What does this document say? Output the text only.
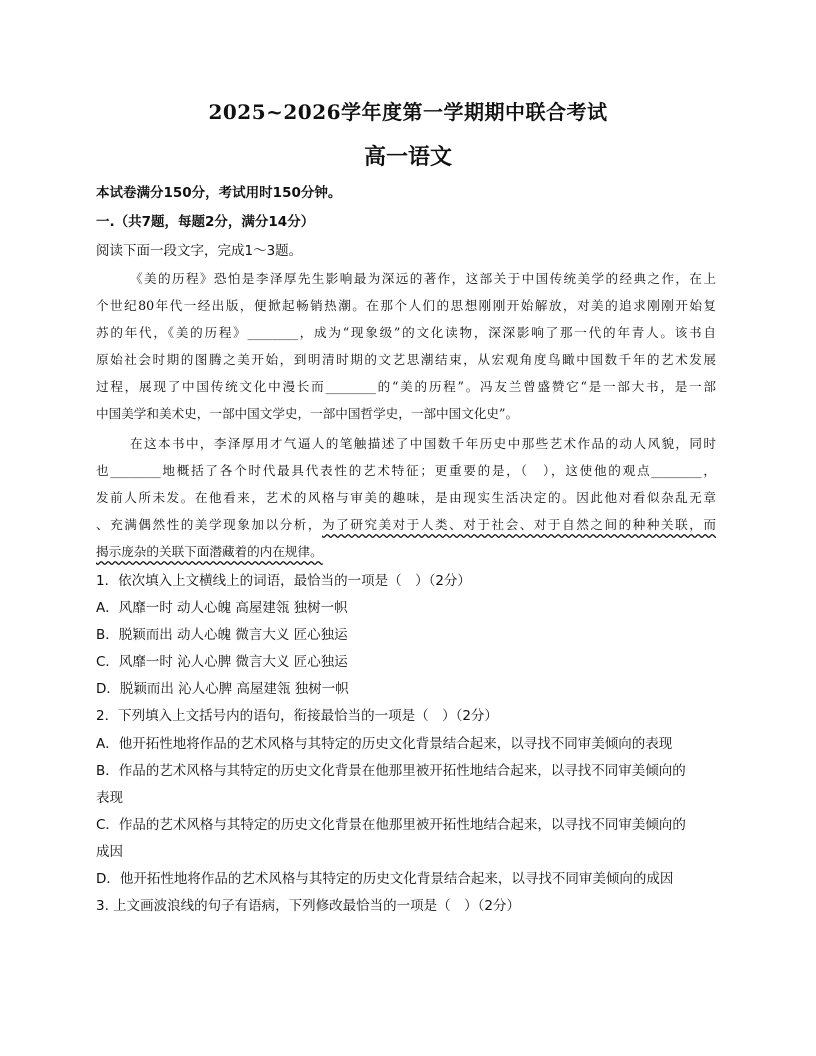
2025~2026学年度第一学期期中联合考试
高一语文
本试卷满分150分，考试用时150分钟。
一.（共7题，每题2分，满分14分）
阅读下面一段文字，完成1～3题。
《美的历程》恐怕是李泽厚先生影响最为深远的著作，这部关于中国传统美学的经典之作，在上
个世纪80年代一经出版，便掀起畅销热潮。在那个人们的思想刚刚开始解放，对美的追求刚刚开始复
苏的年代，《美的历程》________，成为“现象级”的文化读物，深深影响了那一代的年青人。该书自
原始社会时期的图腾之美开始，到明清时期的文艺思潮结束，从宏观角度鸟瞰中国数千年的艺术发展
过程，展现了中国传统文化中漫长而________的“美的历程”。冯友兰曾盛赞它“是一部大书，是一部
中国美学和美术史，一部中国文学史，一部中国哲学史，一部中国文化史”。
在这本书中，李泽厚用才气逼人的笔触描述了中国数千年历史中那些艺术作品的动人风貌，同时
也________地概括了各个时代最具代表性的艺术特征；更重要的是，（　），这使他的观点________，
发前人所未发。在他看来，艺术的风格与审美的趣味，是由现实生活决定的。因此他对看似杂乱无章
、充满偶然性的美学现象加以分析，为了研究美对于人类、对于社会、对于自然之间的种种关联，而
揭示庞杂的关联下面潜藏着的内在规律。
1．依次填入上文横线上的词语，最恰当的一项是（　）（2分）
A．风靡一时 动人心魄 高屋建瓴 独树一帜
B．脱颖而出 动人心魄 微言大义 匠心独运
C．风靡一时 沁人心脾 微言大义 匠心独运
D．脱颖而出 沁人心脾 高屋建瓴 独树一帜
2．下列填入上文括号内的语句，衔接最恰当的一项是（　）（2分）
A．他开拓性地将作品的艺术风格与其特定的历史文化背景结合起来，以寻找不同审美倾向的表现
B．作品的艺术风格与其特定的历史文化背景在他那里被开拓性地结合起来，以寻找不同审美倾向的
表现
C．作品的艺术风格与其特定的历史文化背景在他那里被开拓性地结合起来，以寻找不同审美倾向的
成因
D．他开拓性地将作品的艺术风格与其特定的历史文化背景结合起来，以寻找不同审美倾向的成因
3. 上文画波浪线的句子有语病，下列修改最恰当的一项是（　）（2分）
